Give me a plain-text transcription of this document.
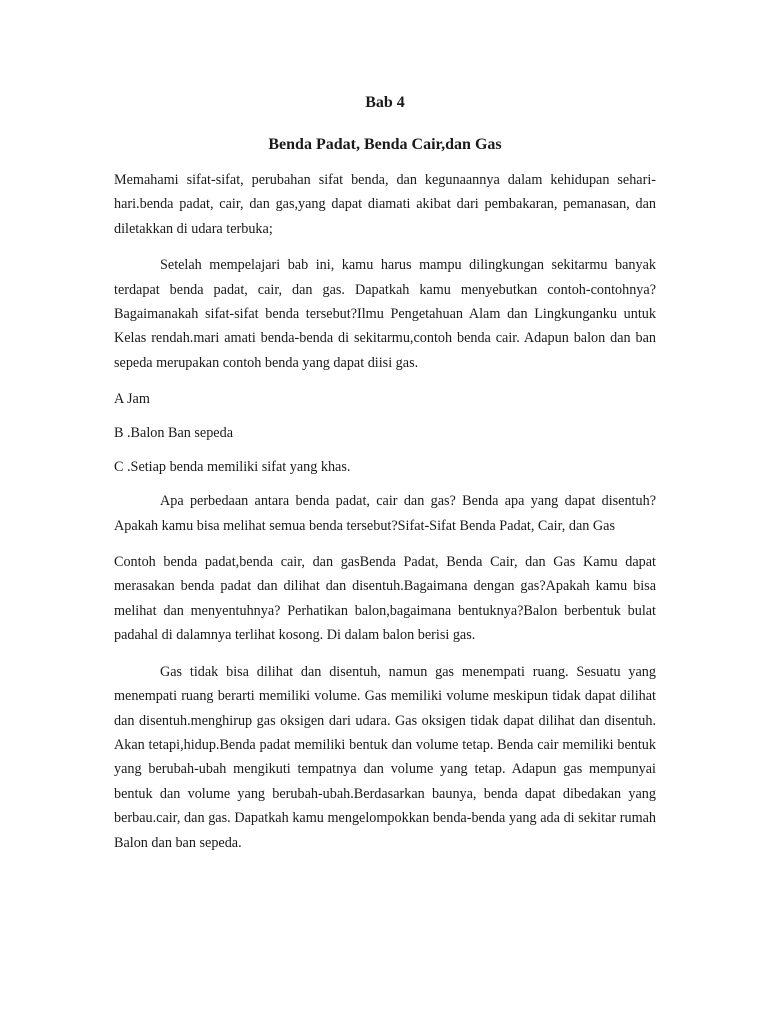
Bab 4
Benda Padat, Benda Cair,dan Gas

Memahami sifat-sifat, perubahan sifat benda, dan kegunaannya dalam kehidupan sehari-hari.benda padat, cair, dan gas,yang dapat diamati akibat dari pembakaran, pemanasan, dan diletakkan di udara terbuka;

Setelah mempelajari bab ini, kamu harus mampu dilingkungan sekitarmu banyak terdapat benda padat, cair, dan gas. Dapatkah kamu menyebutkan contoh-contohnya? Bagaimanakah sifat-sifat benda tersebut?Ilmu Pengetahuan Alam dan Lingkunganku untuk Kelas rendah.mari amati benda-benda di sekitarmu,contoh benda cair. Adapun balon dan ban sepeda merupakan contoh benda yang dapat diisi gas.

A Jam
B .Balon Ban sepeda
C .Setiap benda memiliki sifat yang khas.

Apa perbedaan antara benda padat, cair dan gas? Benda apa yang dapat disentuh? Apakah kamu bisa melihat semua benda tersebut?Sifat-Sifat Benda Padat, Cair, dan Gas

Contoh benda padat,benda cair, dan gasBenda Padat, Benda Cair, dan Gas Kamu dapat merasakan benda padat dan dilihat dan disentuh.Bagaimana dengan gas?Apakah kamu bisa melihat dan menyentuhnya? Perhatikan balon,bagaimana bentuknya?Balon berbentuk bulat padahal di dalamnya terlihat kosong. Di dalam balon berisi gas.

Gas tidak bisa dilihat dan disentuh, namun gas menempati ruang. Sesuatu yang menempati ruang berarti memiliki volume. Gas memiliki volume meskipun tidak dapat dilihat dan disentuh.menghirup gas oksigen dari udara. Gas oksigen tidak dapat dilihat dan disentuh. Akan tetapi,hidup.Benda padat memiliki bentuk dan volume tetap. Benda cair memiliki bentuk yang berubah-ubah mengikuti tempatnya dan volume yang tetap. Adapun gas mempunyai bentuk dan volume yang berubah-ubah.Berdasarkan baunya, benda dapat dibedakan yang berbau.cair, dan gas. Dapatkah kamu mengelompokkan benda-benda yang ada di sekitar rumah Balon dan ban sepeda.
